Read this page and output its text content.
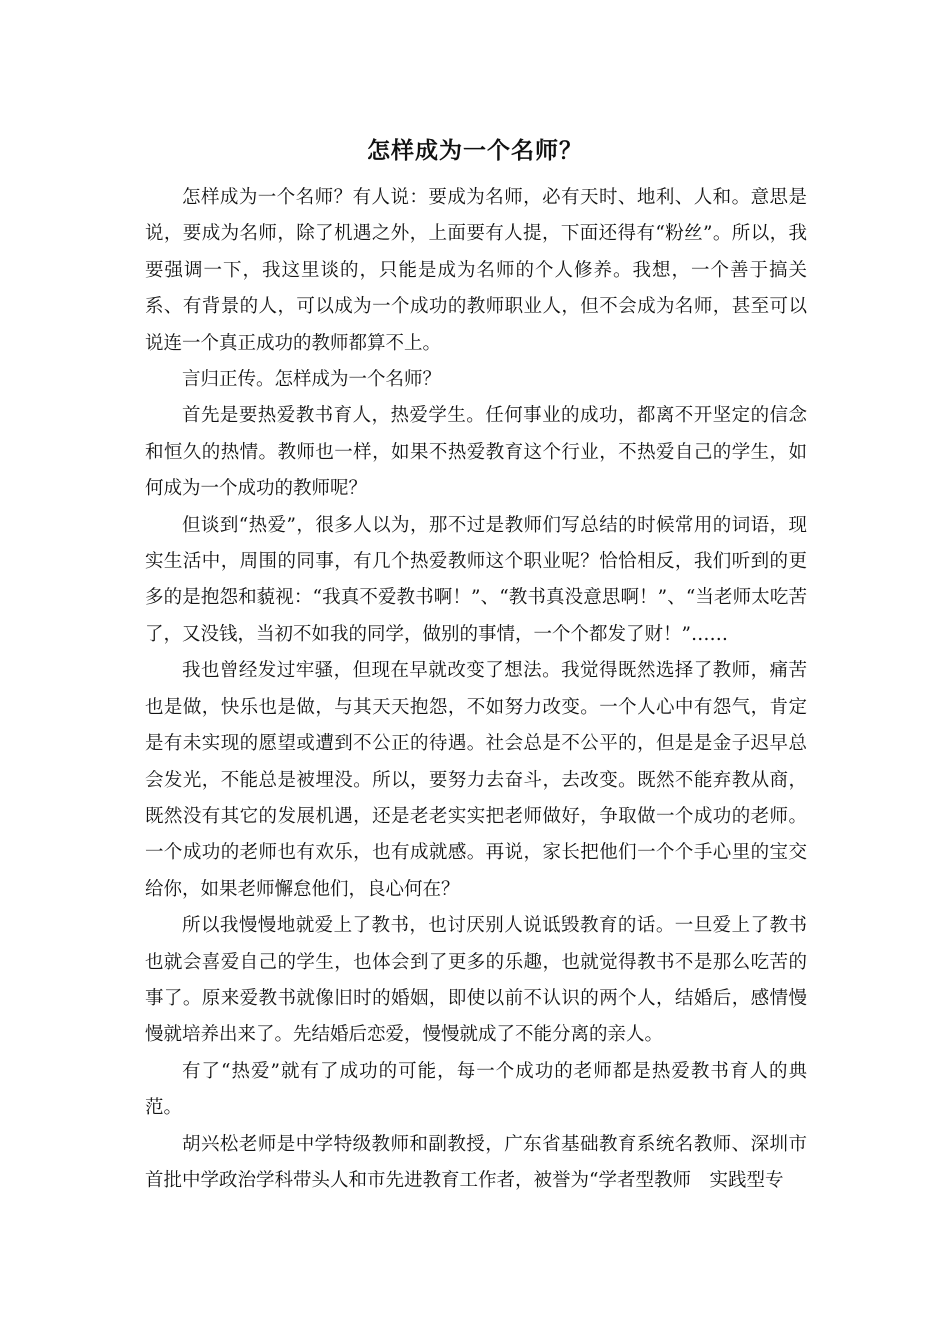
怎样成为一个名师？

怎样成为一个名师？有人说：要成为名师，必有天时、地利、人和。意思是说，要成为名师，除了机遇之外，上面要有人提，下面还得有“粉丝”。所以，我要强调一下，我这里谈的，只能是成为名师的个人修养。我想，一个善于搞关系、有背景的人，可以成为一个成功的教师职业人，但不会成为名师，甚至可以说连一个真正成功的教师都算不上。

言归正传。怎样成为一个名师？

首先是要热爱教书育人，热爱学生。任何事业的成功，都离不开坚定的信念和恒久的热情。教师也一样，如果不热爱教育这个行业，不热爱自己的学生，如何成为一个成功的教师呢？

但谈到“热爱”，很多人以为，那不过是教师们写总结的时候常用的词语，现实生活中，周围的同事，有几个热爱教师这个职业呢？恰恰相反，我们听到的更多的是抱怨和藐视：“我真不爱教书啊！”、“教书真没意思啊！”、“当老师太吃苦了，又没钱，当初不如我的同学，做别的事情，一个个都发了财！”……

我也曾经发过牢骚，但现在早就改变了想法。我觉得既然选择了教师，痛苦也是做，快乐也是做，与其天天抱怨，不如努力改变。一个人心中有怨气，肯定是有未实现的愿望或遭到不公正的待遇。社会总是不公平的，但是是金子迟早总会发光，不能总是被埋没。所以，要努力去奋斗，去改变。既然不能弃教从商，既然没有其它的发展机遇，还是老老实实把老师做好，争取做一个成功的老师。一个成功的老师也有欢乐，也有成就感。再说，家长把他们一个个手心里的宝交给你，如果老师懈怠他们，良心何在？

所以我慢慢地就爱上了教书，也讨厌别人说诋毁教育的话。一旦爱上了教书也就会喜爱自己的学生，也体会到了更多的乐趣，也就觉得教书不是那么吃苦的事了。原来爱教书就像旧时的婚姻，即使以前不认识的两个人，结婚后，感情慢慢就培养出来了。先结婚后恋爱，慢慢就成了不能分离的亲人。

有了“热爱”就有了成功的可能，每一个成功的老师都是热爱教书育人的典范。

胡兴松老师是中学特级教师和副教授，广东省基础教育系统名教师、深圳市首批中学政治学科带头人和市先进教育工作者，被誉为“学者型教师　实践型专
